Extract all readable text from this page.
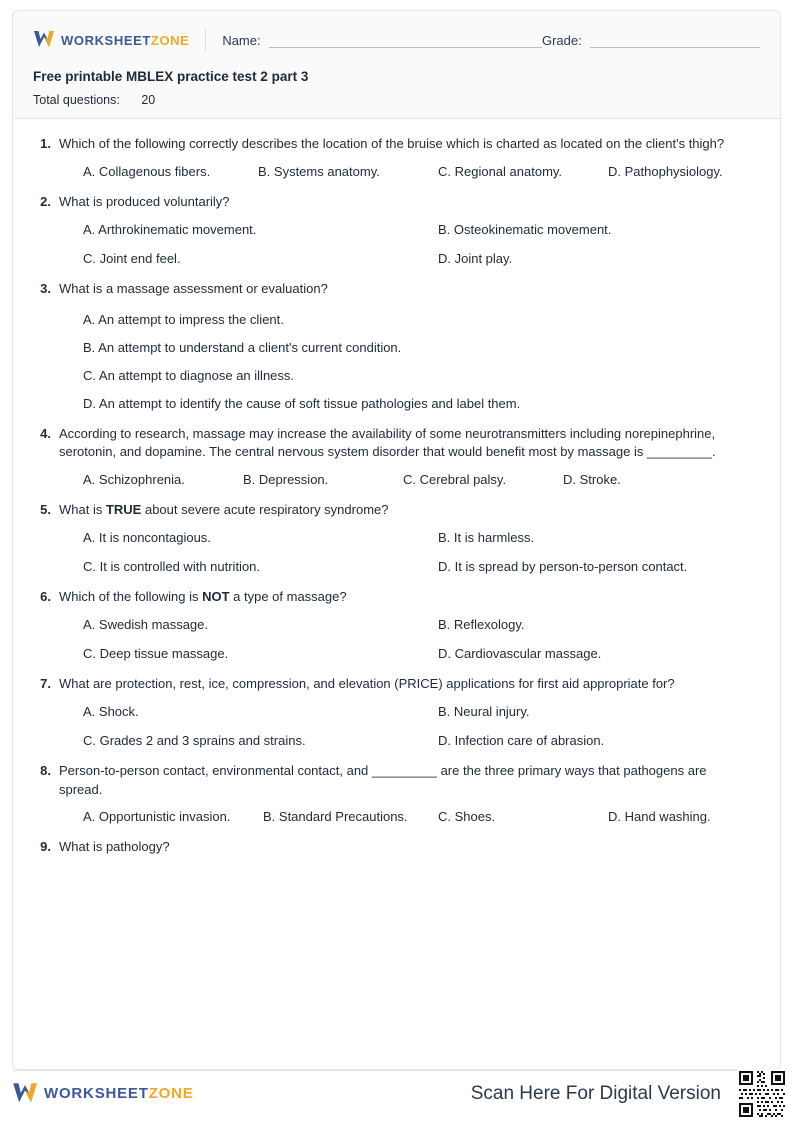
WORKSHEETZONE	Name:	Grade:
Free printable MBLEX practice test 2 part 3
Total questions: 20
1. Which of the following correctly describes the location of the bruise which is charted as located on the client's thigh?
A. Collagenous fibers.	B. Systems anatomy.	C. Regional anatomy.	D. Pathophysiology.
2. What is produced voluntarily?
A. Arthrokinematic movement.	B. Osteokinematic movement.
C. Joint end feel.	D. Joint play.
3. What is a massage assessment or evaluation?
A. An attempt to impress the client.
B. An attempt to understand a client's current condition.
C. An attempt to diagnose an illness.
D. An attempt to identify the cause of soft tissue pathologies and label them.
4. According to research, massage may increase the availability of some neurotransmitters including norepinephrine, serotonin, and dopamine. The central nervous system disorder that would benefit most by massage is _________.
A. Schizophrenia.	B. Depression.	C. Cerebral palsy.	D. Stroke.
5. What is TRUE about severe acute respiratory syndrome?
A. It is noncontagious.	B. It is harmless.
C. It is controlled with nutrition.	D. It is spread by person-to-person contact.
6. Which of the following is NOT a type of massage?
A. Swedish massage.	B. Reflexology.
C. Deep tissue massage.	D. Cardiovascular massage.
7. What are protection, rest, ice, compression, and elevation (PRICE) applications for first aid appropriate for?
A. Shock.	B. Neural injury.
C. Grades 2 and 3 sprains and strains.	D. Infection care of abrasion.
8. Person-to-person contact, environmental contact, and _________ are the three primary ways that pathogens are spread.
A. Opportunistic invasion.	B. Standard Precautions.	C. Shoes.	D. Hand washing.
9. What is pathology?
WORKSHEETZONE	Scan Here For Digital Version
